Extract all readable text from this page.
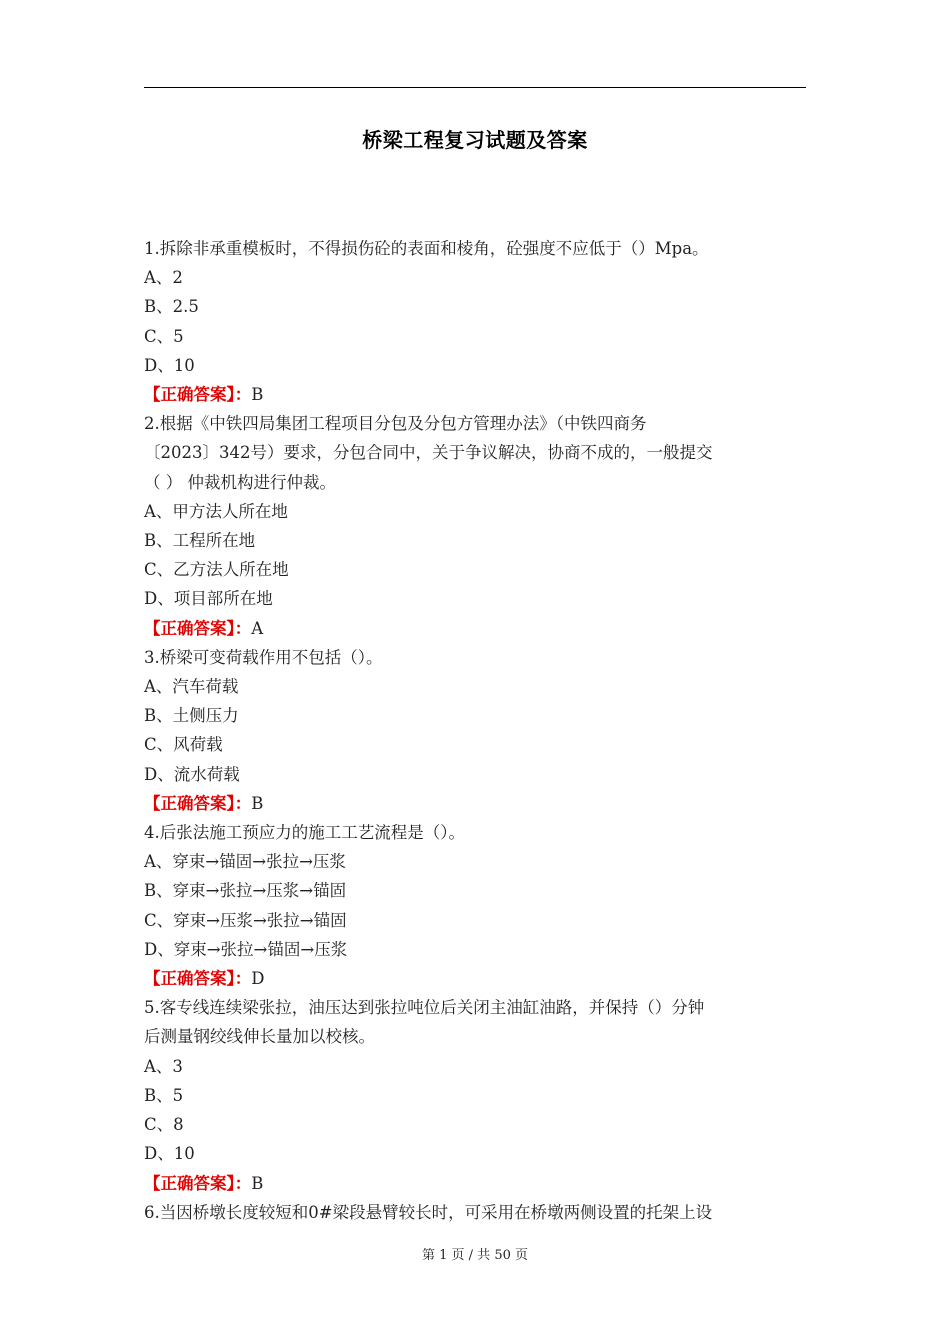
桥梁工程复习试题及答案
1.拆除非承重模板时，不得损伤砼的表面和棱角，砼强度不应低于（）Mpa。
A、2
B、2.5
C、5
D、10
【正确答案】：B
2.根据《中铁四局集团工程项目分包及分包方管理办法》（中铁四商务
〔2023〕342号）要求，分包合同中，关于争议解决，协商不成的，一般提交
（ ） 仲裁机构进行仲裁。
A、甲方法人所在地
B、工程所在地
C、乙方法人所在地
D、项目部所在地
【正确答案】：A
3.桥梁可变荷载作用不包括（）。
A、汽车荷载
B、土侧压力
C、风荷载
D、流水荷载
【正确答案】：B
4.后张法施工预应力的施工工艺流程是（）。
A、穿束→锚固→张拉→压浆
B、穿束→张拉→压浆→锚固
C、穿束→压浆→张拉→锚固
D、穿束→张拉→锚固→压浆
【正确答案】：D
5.客专线连续梁张拉，油压达到张拉吨位后关闭主油缸油路，并保持（）分钟
后测量钢绞线伸长量加以校核。
A、3
B、5
C、8
D、10
【正确答案】：B
6.当因桥墩长度较短和0#梁段悬臂较长时，可采用在桥墩两侧设置的托架上设
第 1 页 / 共 50 页
